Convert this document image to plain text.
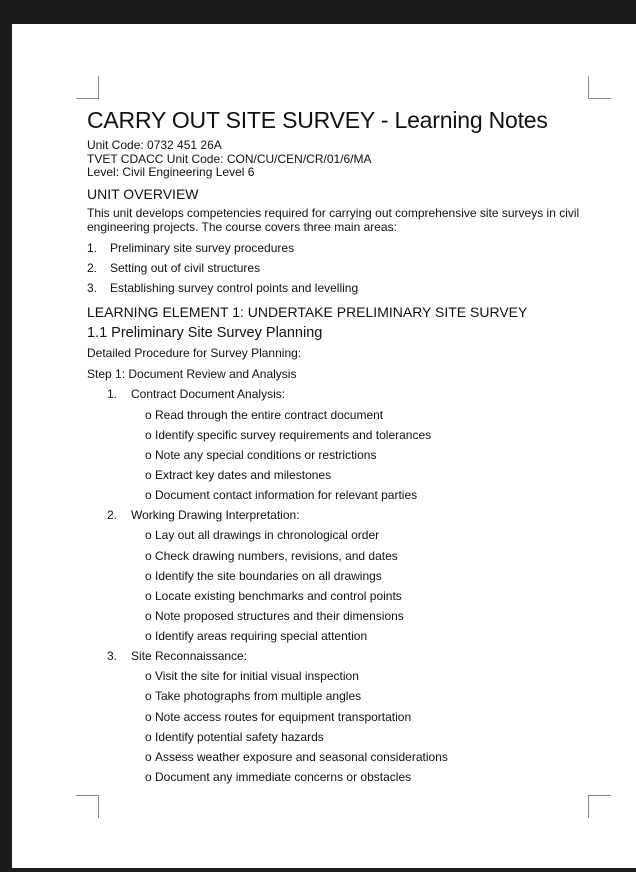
CARRY OUT SITE SURVEY - Learning Notes
Unit Code: 0732 451 26A
TVET CDACC Unit Code: CON/CU/CEN/CR/01/6/MA
Level: Civil Engineering Level 6
UNIT OVERVIEW
This unit develops competencies required for carrying out comprehensive site surveys in civil engineering projects. The course covers three main areas:
1.	Preliminary site survey procedures
2.	Setting out of civil structures
3.	Establishing survey control points and levelling
LEARNING ELEMENT 1: UNDERTAKE PRELIMINARY SITE SURVEY
1.1 Preliminary Site Survey Planning
Detailed Procedure for Survey Planning:
Step 1: Document Review and Analysis
1.	Contract Document Analysis:
o Read through the entire contract document
o Identify specific survey requirements and tolerances
o Note any special conditions or restrictions
o Extract key dates and milestones
o Document contact information for relevant parties
2.	Working Drawing Interpretation:
o Lay out all drawings in chronological order
o Check drawing numbers, revisions, and dates
o Identify the site boundaries on all drawings
o Locate existing benchmarks and control points
o Note proposed structures and their dimensions
o Identify areas requiring special attention
3.	Site Reconnaissance:
o Visit the site for initial visual inspection
o Take photographs from multiple angles
o Note access routes for equipment transportation
o Identify potential safety hazards
o Assess weather exposure and seasonal considerations
o Document any immediate concerns or obstacles
